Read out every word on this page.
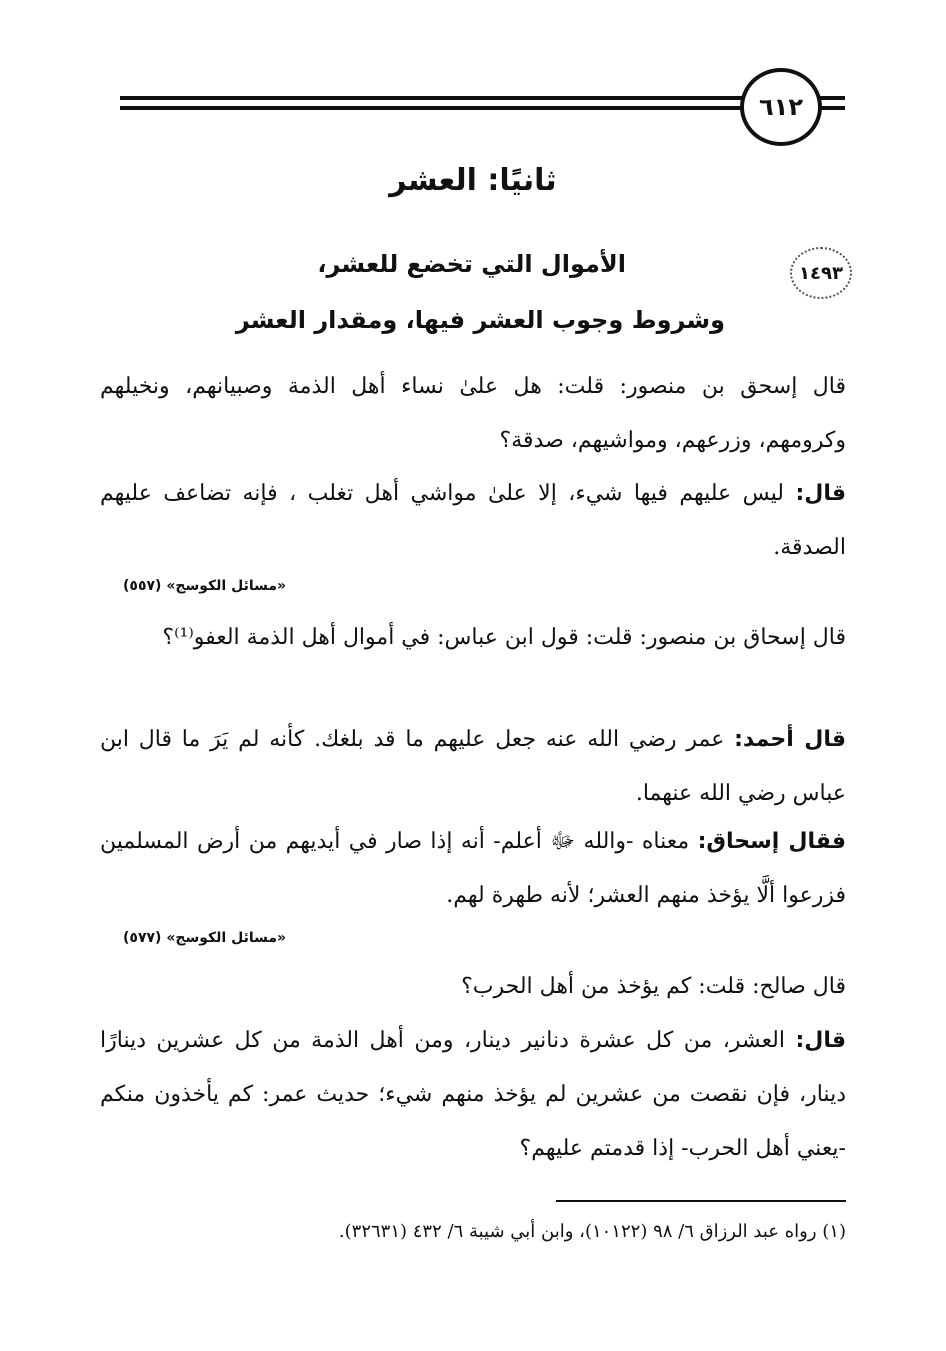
٦١٢
ثانيًا: العشر
١٤٩٣
الأموال التي تخضع للعشر،
وشروط وجوب العشر فيها، ومقدار العشر
قال إسحق بن منصور: قلت: هل علىٰ نساء أهل الذمة وصبيانهم، ونخيلهم وكرومهم، وزرعهم، ومواشيهم، صدقة؟
قال: ليس عليهم فيها شيء، إلا علىٰ مواشي أهل تغلب ، فإنه تضاعف عليهم الصدقة.
«مسائل الكوسج» (٥٥٧)
قال إسحاق بن منصور: قلت: قول ابن عباس: في أموال أهل الذمة العفو⁽¹⁾؟
قال أحمد: عمر رضي الله عنه جعل عليهم ما قد بلغك. كأنه لم يَرَ ما قال ابن عباس رضي الله عنهما.
فقال إسحاق: معناه -والله ﷻ أعلم- أنه إذا صار في أيديهم من أرض المسلمين فزرعوا ألَّا يؤخذ منهم العشر؛ لأنه طهرة لهم.
«مسائل الكوسج» (٥٧٧)
قال صالح: قلت: كم يؤخذ من أهل الحرب؟
قال: العشر، من كل عشرة دنانير دينار، ومن أهل الذمة من كل عشرين دينارًا دينار، فإن نقصت من عشرين لم يؤخذ منهم شيء؛ حديث عمر: كم يأخذون منكم -يعني أهل الحرب- إذا قدمتم عليهم؟
(١) رواه عبد الرزاق ٦/ ٩٨ (١٠١٢٢)، وابن أبي شيبة ٦/ ٤٣٢ (٣٢٦٣١).
